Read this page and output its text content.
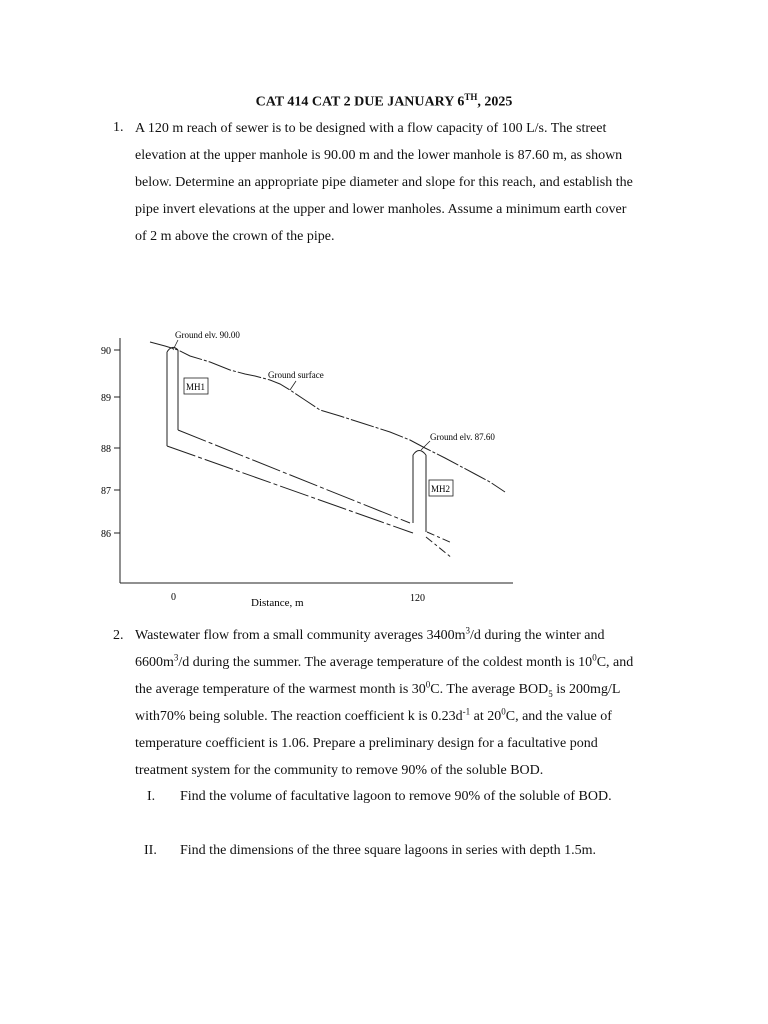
CAT 414 CAT 2 DUE JANUARY 6TH, 2025
1. A 120 m reach of sewer is to be designed with a flow capacity of 100 L/s. The street
elevation at the upper manhole is 90.00 m and the lower manhole is 87.60 m, as shown
below. Determine an appropriate pipe diameter and slope for this reach, and establish the
pipe invert elevations at the upper and lower manholes. Assume a minimum earth cover
of 2 m above the crown of the pipe.
90
89
88
87
86
0	120
Distance, m
Ground elv. 90.00
Ground surface
Ground elv. 87.60
MH1
MH2
2. Wastewater flow from a small community averages $3400m^3/d$ during the winter and
$6600m^3/d$ during the summer. The average temperature of the coldest month is $10^0C$, and
the average temperature of the warmest month is $30^0C$. The average $BOD_5$ is 200mg/L
with70% being soluble. The reaction coefficient k is $0.23d^{-1}$ at $20^0C$, and the value of
temperature coefficient is 1.06. Prepare a preliminary design for a facultative pond
treatment system for the community to remove 90% of the soluble BOD.
I. Find the volume of facultative lagoon to remove 90% of the soluble of BOD.
II. Find the dimensions of the three square lagoons in series with depth 1.5m.
